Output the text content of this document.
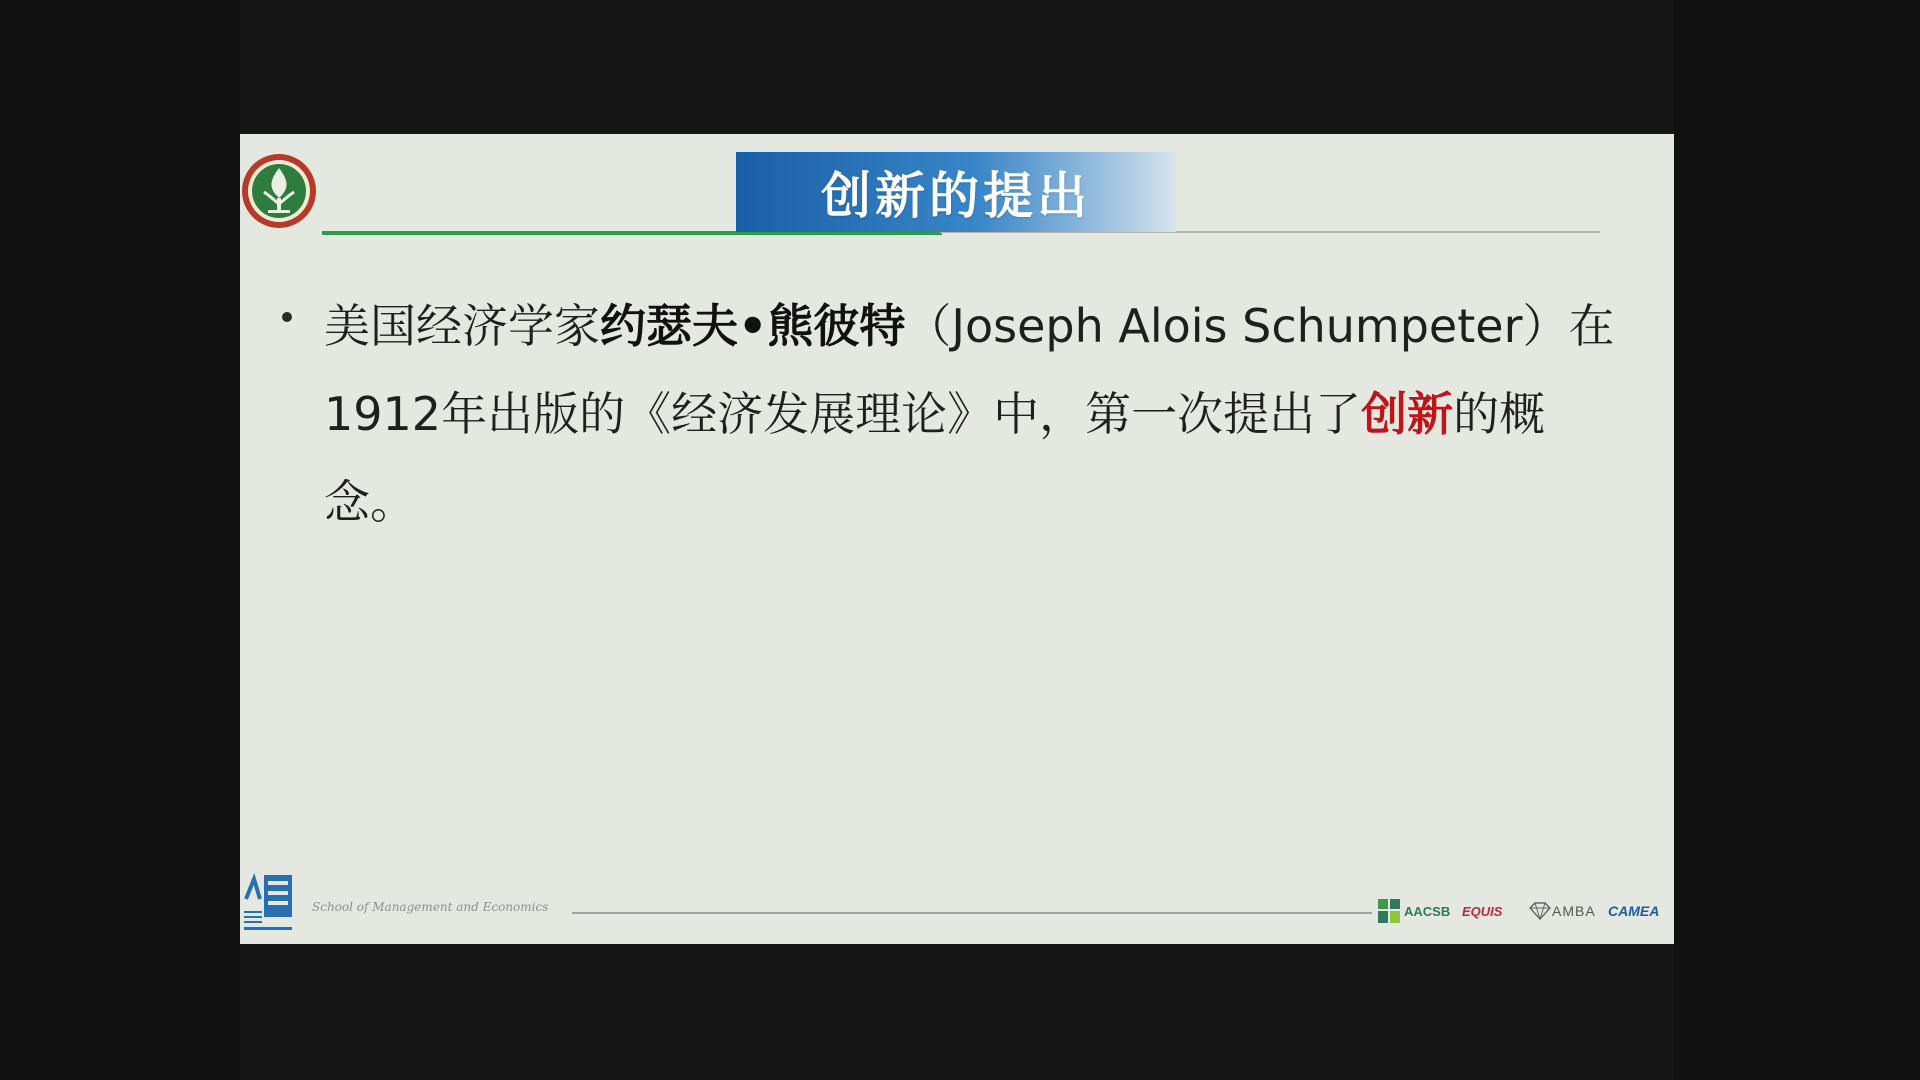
创新的提出
美国经济学家约瑟夫•熊彼特（Joseph Alois Schumpeter）在1912年出版的《经济发展理论》中，第一次提出了创新的概念。
School of Management and Economics	AACSB EQUIS	AMBA CAMEA
